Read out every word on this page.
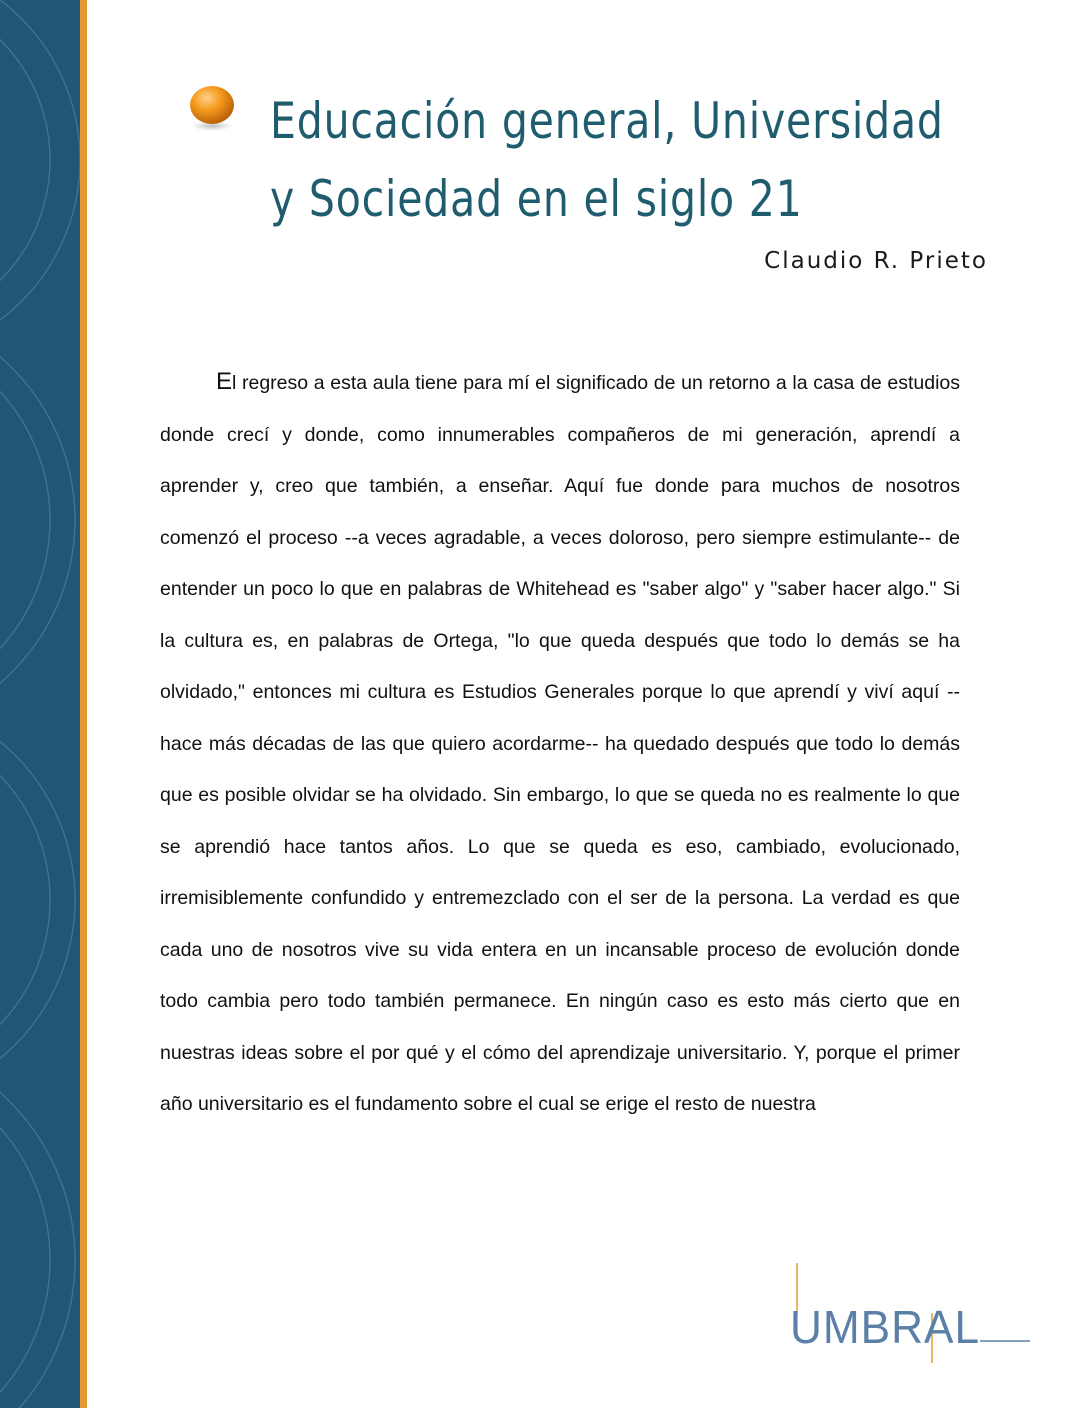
Educación general, Universidad
y Sociedad en el siglo 21
Claudio R. Prieto

El regreso a esta aula tiene para mí el significado de un retorno a la casa de estudios donde crecí y donde, como innumerables compañeros de mi generación, aprendí a aprender y, creo que también, a enseñar. Aquí fue donde para muchos de nosotros comenzó el proceso --a veces agradable, a veces doloroso, pero siempre estimulante-- de entender un poco lo que en palabras de Whitehead es "saber algo" y "saber hacer algo." Si la cultura es, en palabras de Ortega, "lo que queda después que todo lo demás se ha olvidado," entonces mi cultura es Estudios Generales porque lo que aprendí y viví aquí --hace más décadas de las que quiero acordarme-- ha quedado después que todo lo demás que es posible olvidar se ha olvidado. Sin embargo, lo que se queda no es realmente lo que se aprendió hace tantos años. Lo que se queda es eso, cambiado, evolucionado, irremisiblemente confundido y entremezclado con el ser de la persona. La verdad es que cada uno de nosotros vive su vida entera en un incansable proceso de evolución donde todo cambia pero todo también permanece. En ningún caso es esto más cierto que en nuestras ideas sobre el por qué y el cómo del aprendizaje universitario. Y, porque el primer año universitario es el fundamento sobre el cual se erige el resto de nuestra

UMBRAL
